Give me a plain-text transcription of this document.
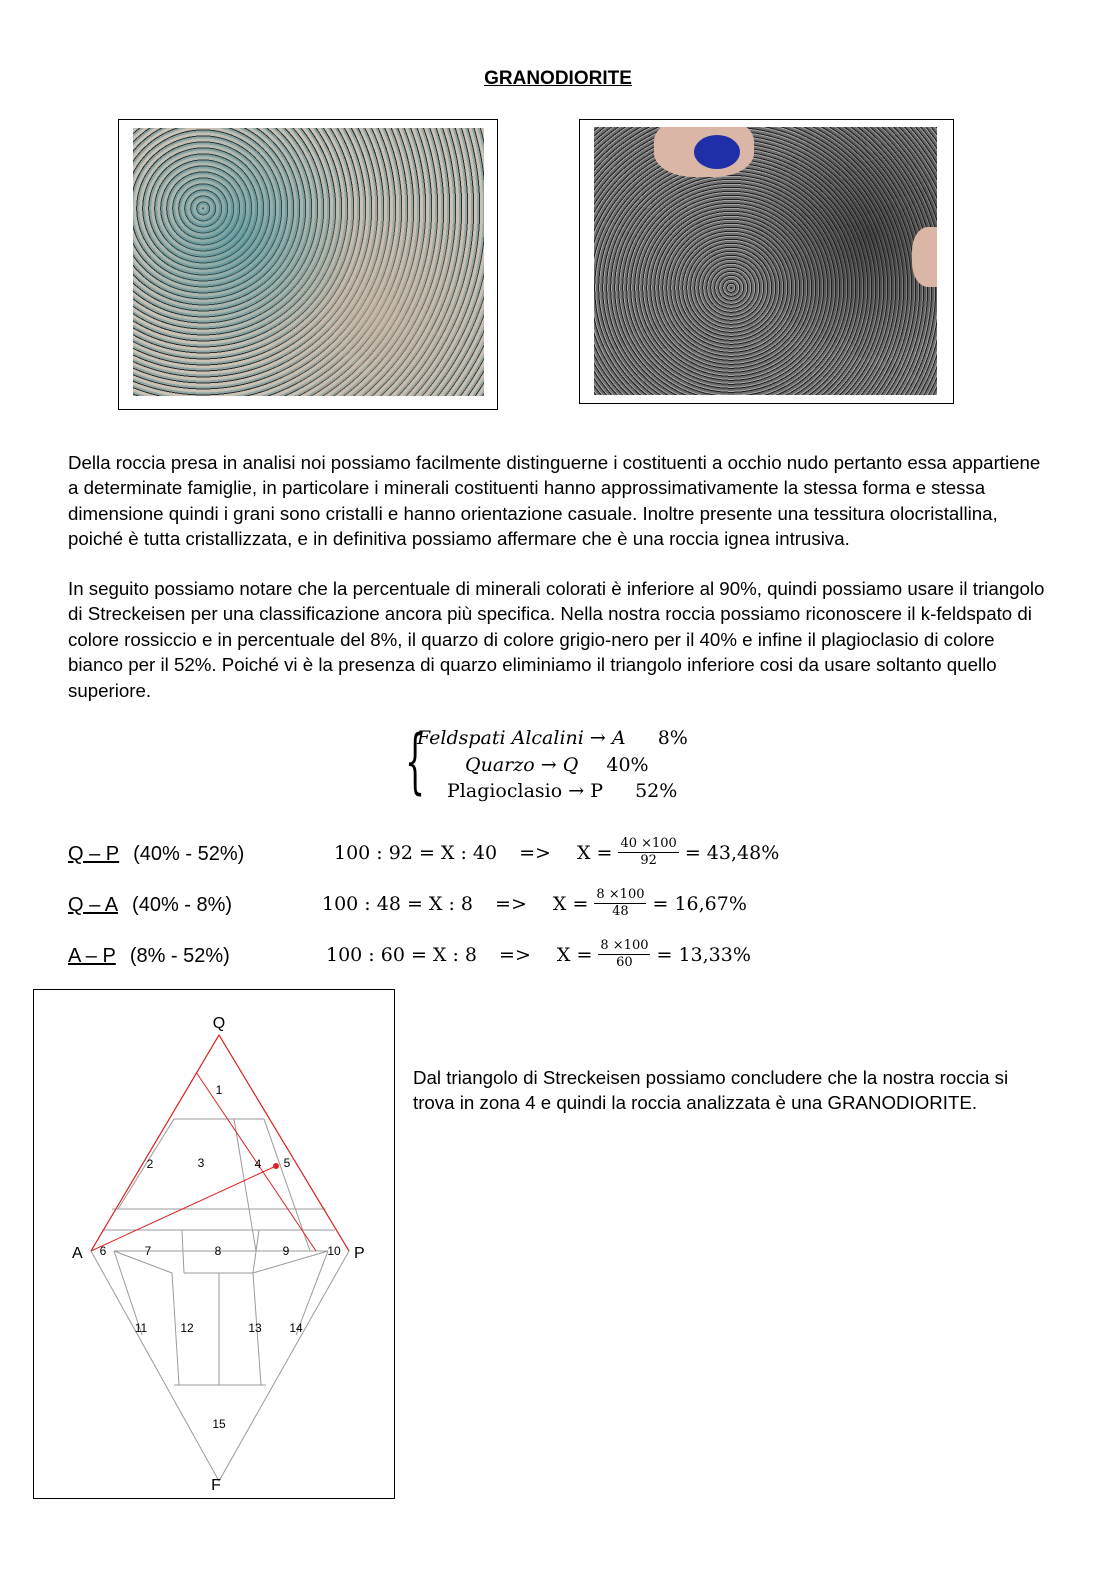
GRANODIORITE

Della roccia presa in analisi noi possiamo facilmente distinguerne i costituenti a occhio nudo pertanto essa appartiene a determinate famiglie, in particolare i minerali costituenti hanno approssimativamente la stessa forma e stessa dimensione quindi i grani sono cristalli e hanno orientazione casuale. Inoltre presente una tessitura olocristallina, poiché è tutta cristallizzata, e in definitiva possiamo affermare che è una roccia ignea intrusiva.

In seguito possiamo notare che la percentuale di minerali colorati è inferiore al 90%, quindi possiamo usare il triangolo di Streckeisen per una classificazione ancora più specifica. Nella nostra roccia possiamo riconoscere il k-feldspato di colore rossiccio e in percentuale del 8%, il quarzo di colore grigio-nero per il 40% e infine il plagioclasio di colore bianco per il 52%. Poiché vi è la presenza di quarzo eliminiamo il triangolo inferiore cosi da usare soltanto quello superiore.

{
Feldspati Alcalini → A 8%
Quarzo → Q 40%
Plagioclasio → P 52%
Q – P (40% - 52%)	100 : 92 = X : $40 => X = \frac{40 \times 100}{92} = 43,48\%$
Q – A (40% - 8%)	100 : 48 = X : $8 => X = \frac{8 \times 100}{48} = 16,67\%$
A – P (8% - 52%)	100 : 60 = X : $8 => X = \frac{8 \times 100}{60} = 13,33\%$
Q
A	P
F
1
2	3	4 5
6	7	8	9	10
11	12	13 14
15

Dal triangolo di Streckeisen possiamo concludere che la nostra roccia si trova in zona 4 e quindi la roccia analizzata è una GRANODIORITE.
